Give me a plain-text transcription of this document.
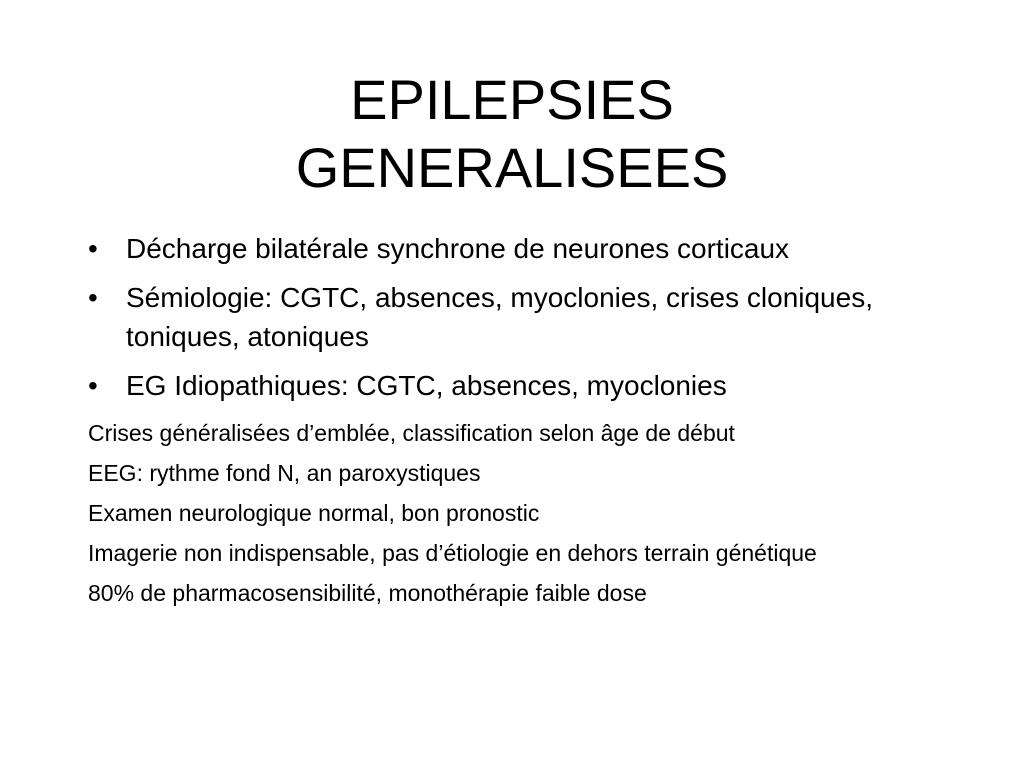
EPILEPSIES
GENERALISEES
• Décharge bilatérale synchrone de neurones corticaux
• Sémiologie: CGTC, absences, myoclonies, crises cloniques, toniques, atoniques
• EG Idiopathiques: CGTC, absences, myoclonies
Crises généralisées d’emblée, classification selon âge de début
EEG: rythme fond N, an paroxystiques
Examen neurologique normal, bon pronostic
Imagerie non indispensable, pas d’étiologie en dehors terrain génétique
80% de pharmacosensibilité, monothérapie faible dose
